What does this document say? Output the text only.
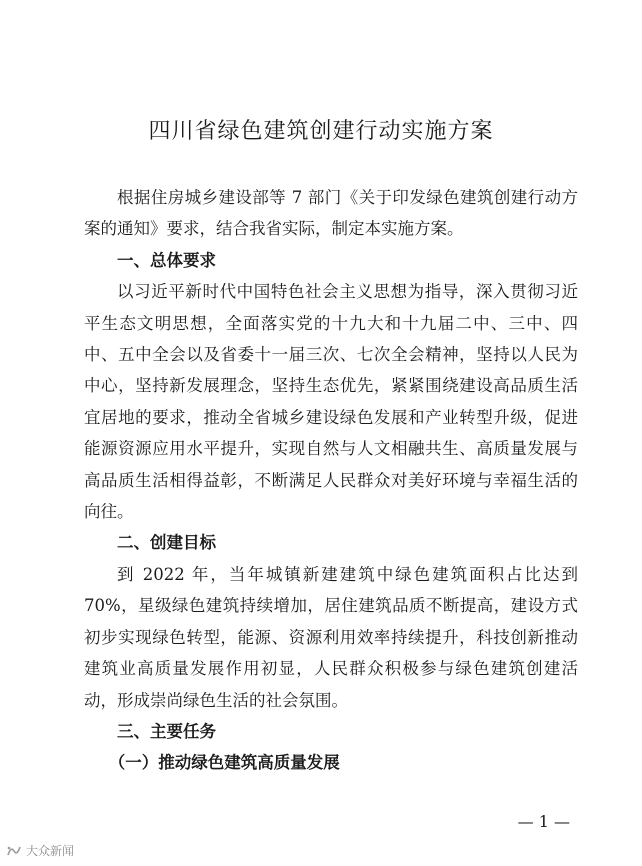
四川省绿色建筑创建行动实施方案

根据住房城乡建设部等 7 部门《关于印发绿色建筑创建行动方案的通知》要求，结合我省实际，制定本实施方案。

一、总体要求

以习近平新时代中国特色社会主义思想为指导，深入贯彻习近平生态文明思想，全面落实党的十九大和十九届二中、三中、四中、五中全会以及省委十一届三次、七次全会精神，坚持以人民为中心，坚持新发展理念，坚持生态优先，紧紧围绕建设高品质生活宜居地的要求，推动全省城乡建设绿色发展和产业转型升级，促进能源资源应用水平提升，实现自然与人文相融共生、高质量发展与高品质生活相得益彰，不断满足人民群众对美好环境与幸福生活的向往。

二、创建目标

到 2022 年，当年城镇新建建筑中绿色建筑面积占比达到 70%，星级绿色建筑持续增加，居住建筑品质不断提高，建设方式初步实现绿色转型，能源、资源利用效率持续提升，科技创新推动建筑业高质量发展作用初显，人民群众积极参与绿色建筑创建活动，形成崇尚绿色生活的社会氛围。

三、主要任务
（一）推动绿色建筑高质量发展
— 1 —
大众新闻
